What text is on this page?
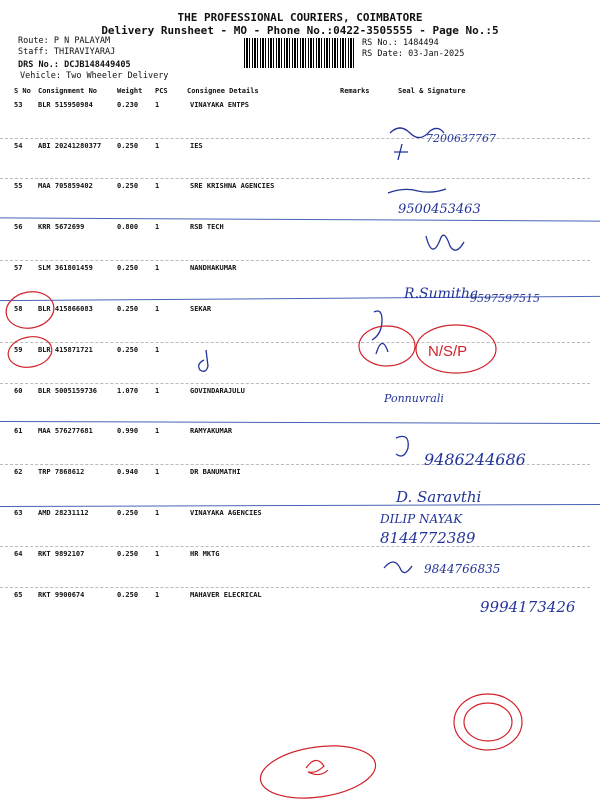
THE PROFESSIONAL COURIERS, COIMBATORE
Delivery Runsheet - MO - Phone No.:0422-3505555 - Page No.:5
Route: P N PALAYAM
Staff: THIRAVIYARAJ
DRS No.: DCJB148449405
Vehicle: Two Wheeler Delivery
RS No.: 1484494
RS Date: 03-Jan-2025
S No Consignment No	Weight PCS	Consignee Details	Remarks	Seal & Signature
53 BLR 515950984	0.230 1	VINAYAKA ENTPS
54 ABI 20241280377 0.250 1	IES
55 MAA 705859402	0.250 1	SRE KRISHNA AGENCIES
56 KRR 5672699	0.800 1	RSB TECH
57 SLM 361801459	0.250 1	NANDHAKUMAR
58 BLR 415866083	0.250 1	SEKAR
59 BLR 415871721	0.250 1
60 BLR 5005159736	1.070 1	GOVINDARAJULU
61 MAA 576277681	0.990 1	RAMYAKUMAR
62 TRP 7868612	0.940 1	DR BANUMATHI
63 AMD 28231112	0.250 1	VINAYAKA AGENCIES
64 RKT 9892107	0.250 1	HR MKTG
65 RKT 9900674	0.250 1	MAHAVER ELECRICAL
7200637767
9500453463
R.Sumitha
9597597515
Ponnuvrali
9486244686
D. Saravthi
DILIP NAYAK
8144772389
9844766835
9994173426
N/S/P
